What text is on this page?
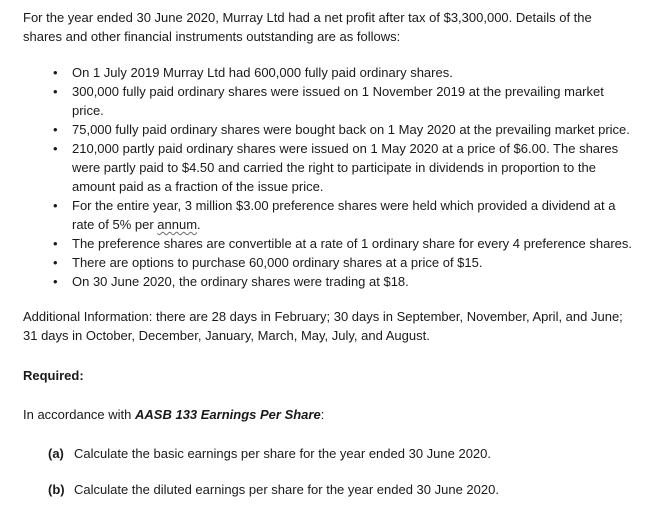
For the year ended 30 June 2020, Murray Ltd had a net profit after tax of $3,300,000. Details of the shares and other financial instruments outstanding are as follows:

• On 1 July 2019 Murray Ltd had 600,000 fully paid ordinary shares.
• 300,000 fully paid ordinary shares were issued on 1 November 2019 at the prevailing market price.
• 75,000 fully paid ordinary shares were bought back on 1 May 2020 at the prevailing market price.
• 210,000 partly paid ordinary shares were issued on 1 May 2020 at a price of $6.00. The shares were partly paid to $4.50 and carried the right to participate in dividends in proportion to the amount paid as a fraction of the issue price.
• For the entire year, 3 million $3.00 preference shares were held which provided a dividend at a rate of 5% per annum.
• The preference shares are convertible at a rate of 1 ordinary share for every 4 preference shares.
• There are options to purchase 60,000 ordinary shares at a price of $15.
• On 30 June 2020, the ordinary shares were trading at $18.

Additional Information: there are 28 days in February; 30 days in September, November, April, and June; 31 days in October, December, January, March, May, July, and August.

Required:

In accordance with AASB 133 Earnings Per Share:

(a) Calculate the basic earnings per share for the year ended 30 June 2020.

(b) Calculate the diluted earnings per share for the year ended 30 June 2020.
